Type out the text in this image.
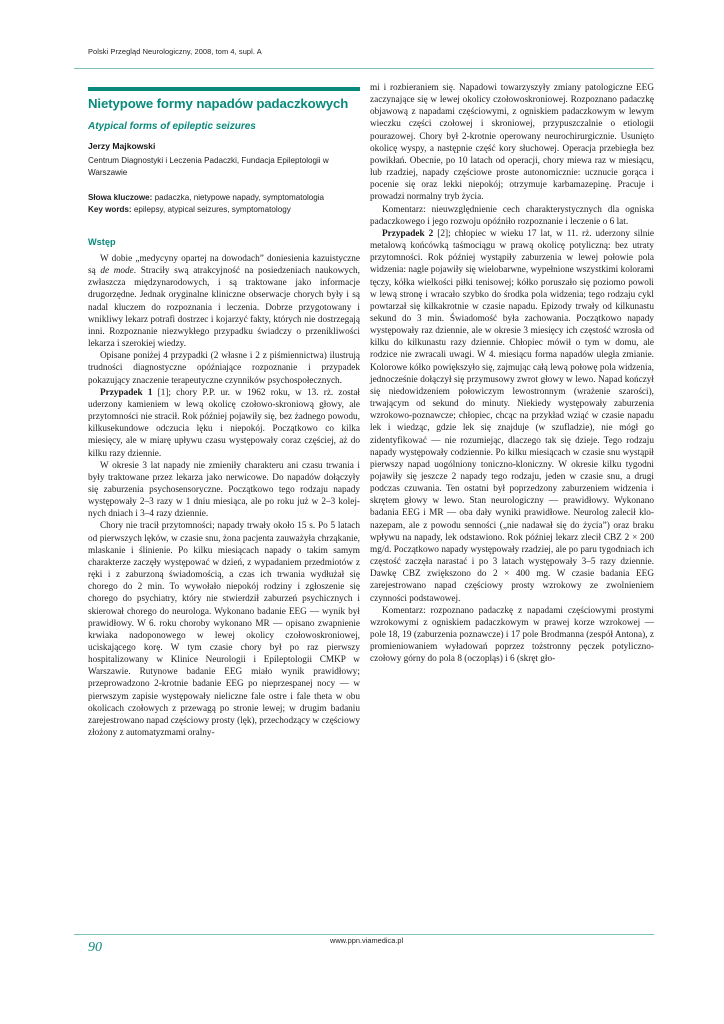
Polski Przegląd Neurologiczny, 2008, tom 4, supl. A
Nietypowe formy napadów padaczkowych
Atypical forms of epileptic seizures
Jerzy Majkowski
Centrum Diagnostyki i Leczenia Padaczki, Fundacja Epileptologii w Warszawie
Słowa kluczowe: padaczka, nietypowe napady, symptomatologia
Key words: epilepsy, atypical seizures, symptomatology
Wstęp

W dobie „medycyny opartej na dowodach” doniesienia kazuistyczne są de mode. Straciły swą atrakcyjność na posiedzeniach naukowych, zwłaszcza międzynarodowych, i są traktowane jako informacje drugorzędne. Jednak oryginalne kliniczne obserwacje chorych były i są nadal kluczem do rozpoznania i leczenia. Dobrze przygotowany i wnikliwy lekarz potrafi dostrzec i kojarzyć fakty, których nie dostrzegają inni. Rozpoznanie niezwykłego przypadku świadczy o przenikliwości lekarza i szerokiej wiedzy.

Opisane poniżej 4 przypadki (2 własne i 2 z piśmiennictwa) ilustrują trudności diagnostyczne opóźniające rozpoznanie i przypadek pokazujący znaczenie terapeutyczne czynników psychospołecznych.

Przypadek 1 [1]; chory P.P. ur. w 1962 roku, w 13. rż. został uderzony kamieniem w lewą okolicę czołowo-skroniową głowy, ale przytomności nie stracił. Rok później pojawiły się, bez żadnego powodu, kilkusekundowe odczucia lęku i niepokój. Początkowo co kilka miesięcy, ale w miarę upływu czasu występowały coraz częściej, aż do kilku razy dziennie.

W okresie 3 lat napady nie zmieniły charakteru ani czasu trwania i były traktowane przez lekarza jako nerwicowe. Do napadów dołączyły się zaburzenia psychosensoryczne. Początkowo tego rodzaju napady występowały 2–3 razy w 1 dniu miesiąca, ale po roku już w 2–3 kolejnych dniach i 3–4 razy dziennie.

Chory nie tracił przytomności; napady trwały około 15 s. Po 5 latach od pierwszych lęków, w czasie snu, żona pacjenta zauważyła chrząkanie, mlaskanie i ślinienie. Po kilku miesiącach napady o takim samym charakterze zaczęły występować w dzień, z wypadaniem przedmiotów z ręki i z zaburzoną świadomością, a czas ich trwania wydłużał się chorego do 2 min. To wywołało niepokój rodziny i zgłoszenie się chorego do psychiatry, który nie stwierdził zaburzeń psychicznych i skierował chorego do neurologa. Wykonano badanie EEG — wynik był prawidłowy. W 6. roku choroby wykonano MR — opisano zwapnienie krwiaka nadoponowego w lewej okolicy czołowoskroniowej, uciskającego korę. W tym czasie chory był po raz pierwszy hospitalizowany w Klinice Neurologii i Epileptologii CMKP w Warszawie. Rutynowe badanie EEG miało wynik prawidłowy; przeprowadzono 2-krotnie badanie EEG po nieprzespanej nocy — w pierwszym zapisie występowały nieliczne fale ostre i fale theta w obu okolicach czołowych z przewagą po stronie lewej; w drugim badaniu zarejestrowano napad częściowy prosty (lęk), przechodzący w częściowy złożony z automatyzmami oralny-

mi i rozbieraniem się. Napadowi towarzyszyły zmiany patologiczne EEG zaczynające się w lewej okolicy czołowoskroniowej. Rozpoznano padaczkę objawową z napadami częściowymi, z ogniskiem padaczkowym w lewym wieczku części czołowej i skroniowej, przypuszczalnie o etiologii pourazowej. Chory był 2-krotnie operowany neurochirurgicznie. Usunięto okolicę wyspy, a następnie część kory słuchowej. Operacja przebiegła bez powikłań. Obecnie, po 10 latach od operacji, chory miewa raz w miesiącu, lub rzadziej, napady częściowe proste autonomicznie: ucznucie gorąca i pocenie się oraz lekki niepokój; otrzymuje karbamazepinę. Pracuje i prowadzi normalny tryb życia.

Komentarz: nieuwzględnienie cech charakterystycznych dla ogniska padaczkowego i jego rozwoju opóźniło rozpoznanie i leczenie o 6 lat.

Przypadek 2 [2]; chłopiec w wieku 17 lat, w 11. rż. uderzony silnie metalową końcówką taśmociągu w prawą okolicę potyliczną: bez utraty przytomności. Rok później wystąpiły zaburzenia w lewej połowie pola widzenia: nagle pojawiły się wielobarwne, wypełnione wszystkimi kolorami tęczy, kółka wielkości piłki tenisowej; kółko poruszało się poziomo powoli w lewą stronę i wracało szybko do środka pola widzenia; tego rodzaju cykl powtarzał się kilkakrotnie w czasie napadu. Epizody trwały od kilkunastu sekund do 3 min. Świadomość była zachowania. Początkowo napady występowały raz dziennie, ale w okresie 3 miesięcy ich częstość wzrosła od kilku do kilkunastu razy dziennie. Chłopiec mówił o tym w domu, ale rodzice nie zwracali uwagi. W 4. miesiącu forma napadów uległa zmianie. Kolorowe kółko powiększyło się, zajmując całą lewą połowę pola widzenia, jednocześnie dołączył się przymusowy zwrot głowy w lewo. Napad kończył się niedowidzeniem połowiczym lewostronnym (wrażenie szarości), trwającym od sekund do minuty. Niekiedy występowały zaburzenia wzrokowo-poznawcze; chłopiec, chcąc na przykład wziąć w czasie napadu lek i wiedząc, gdzie lek się znajduje (w szufladzie), nie mógł go zidentyfikować — nie rozumiejąc, dlaczego tak się dzieje. Tego rodzaju napady występowały codziennie. Po kilku miesiącach w czasie snu wystąpił pierwszy napad uogólniony toniczno-kloniczny. W okresie kilku tygodni pojawiły się jeszcze 2 napady tego rodzaju, jeden w czasie snu, a drugi podczas czuwania. Ten ostatni był poprzedzony zaburzeniem widzenia i skrętem głowy w lewo. Stan neurologiczny — prawidłowy. Wykonano badania EEG i MR — oba dały wyniki prawidłowe. Neurolog zalecił klonazepam, ale z powodu senności („nie nadawał się do życia”) oraz braku wpływu na napady, lek odstawiono. Rok później lekarz zlecił CBZ 2 × 200 mg/d. Początkowo napady występowały rzadziej, ale po paru tygodniach ich częstość zaczęła narastać i po 3 latach występowały 3–5 razy dziennie. Dawkę CBZ zwiększono do 2 × 400 mg. W czasie badania EEG zarejestrowano napad częściowy prosty wzrokowy ze zwolnieniem czynności podstawowej.

Komentarz: rozpoznano padaczkę z napadami częściowymi prostymi wzrokowymi z ogniskiem padaczkowym w prawej korze wzrokowej — pole 18, 19 (zaburzenia poznawcze) i 17 pole Brodmanna (zespół Antona), z promieniowaniem wyładowań poprzez tożstronny pęczek potyliczno-czołowy górny do pola 8 (oczopląs) i 6 (skręt gło-

90	www.ppn.viamedica.pl
